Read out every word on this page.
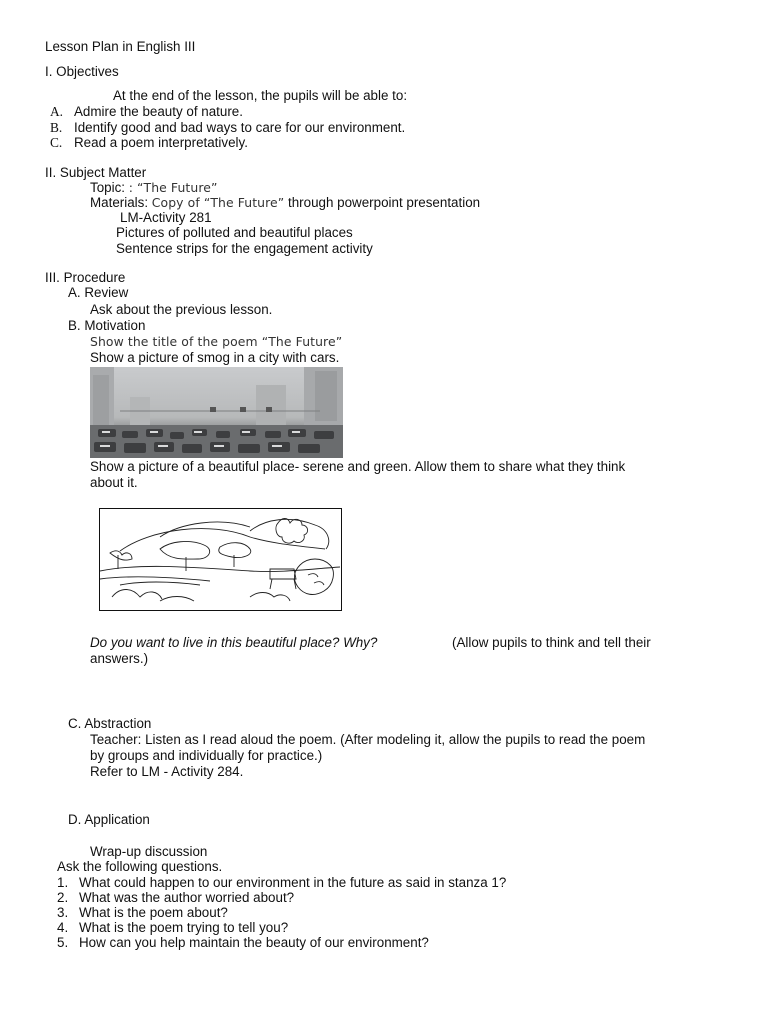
Lesson Plan in English III
I. Objectives
At the end of the lesson, the pupils will be able to:
A. Admire the beauty of nature.
B. Identify good and bad ways to care for our environment.
C. Read a poem interpretatively.
II. Subject Matter
Topic: : “The Future”
Materials: Copy of “The Future” through powerpoint presentation
LM-Activity 281
Pictures of polluted and beautiful places
Sentence strips for the engagement activity
III. Procedure
A. Review
Ask about the previous lesson.
B. Motivation
Show the title of the poem “The Future”
Show a picture of smog in a city with cars.
Show a picture of a beautiful place- serene and green. Allow them to share what they think
about it.
Do you want to live in this beautiful place? Why?	(Allow pupils to think and tell their
answers.)
C. Abstraction
Teacher: Listen as I read aloud the poem. (After modeling it, allow the pupils to read the poem
by groups and individually for practice.)
Refer to LM - Activity 284.
D. Application
Wrap-up discussion
Ask the following questions.
1. What could happen to our environment in the future as said in stanza 1?
2. What was the author worried about?
3. What is the poem about?
4. What is the poem trying to tell you?
5. How can you help maintain the beauty of our environment?
